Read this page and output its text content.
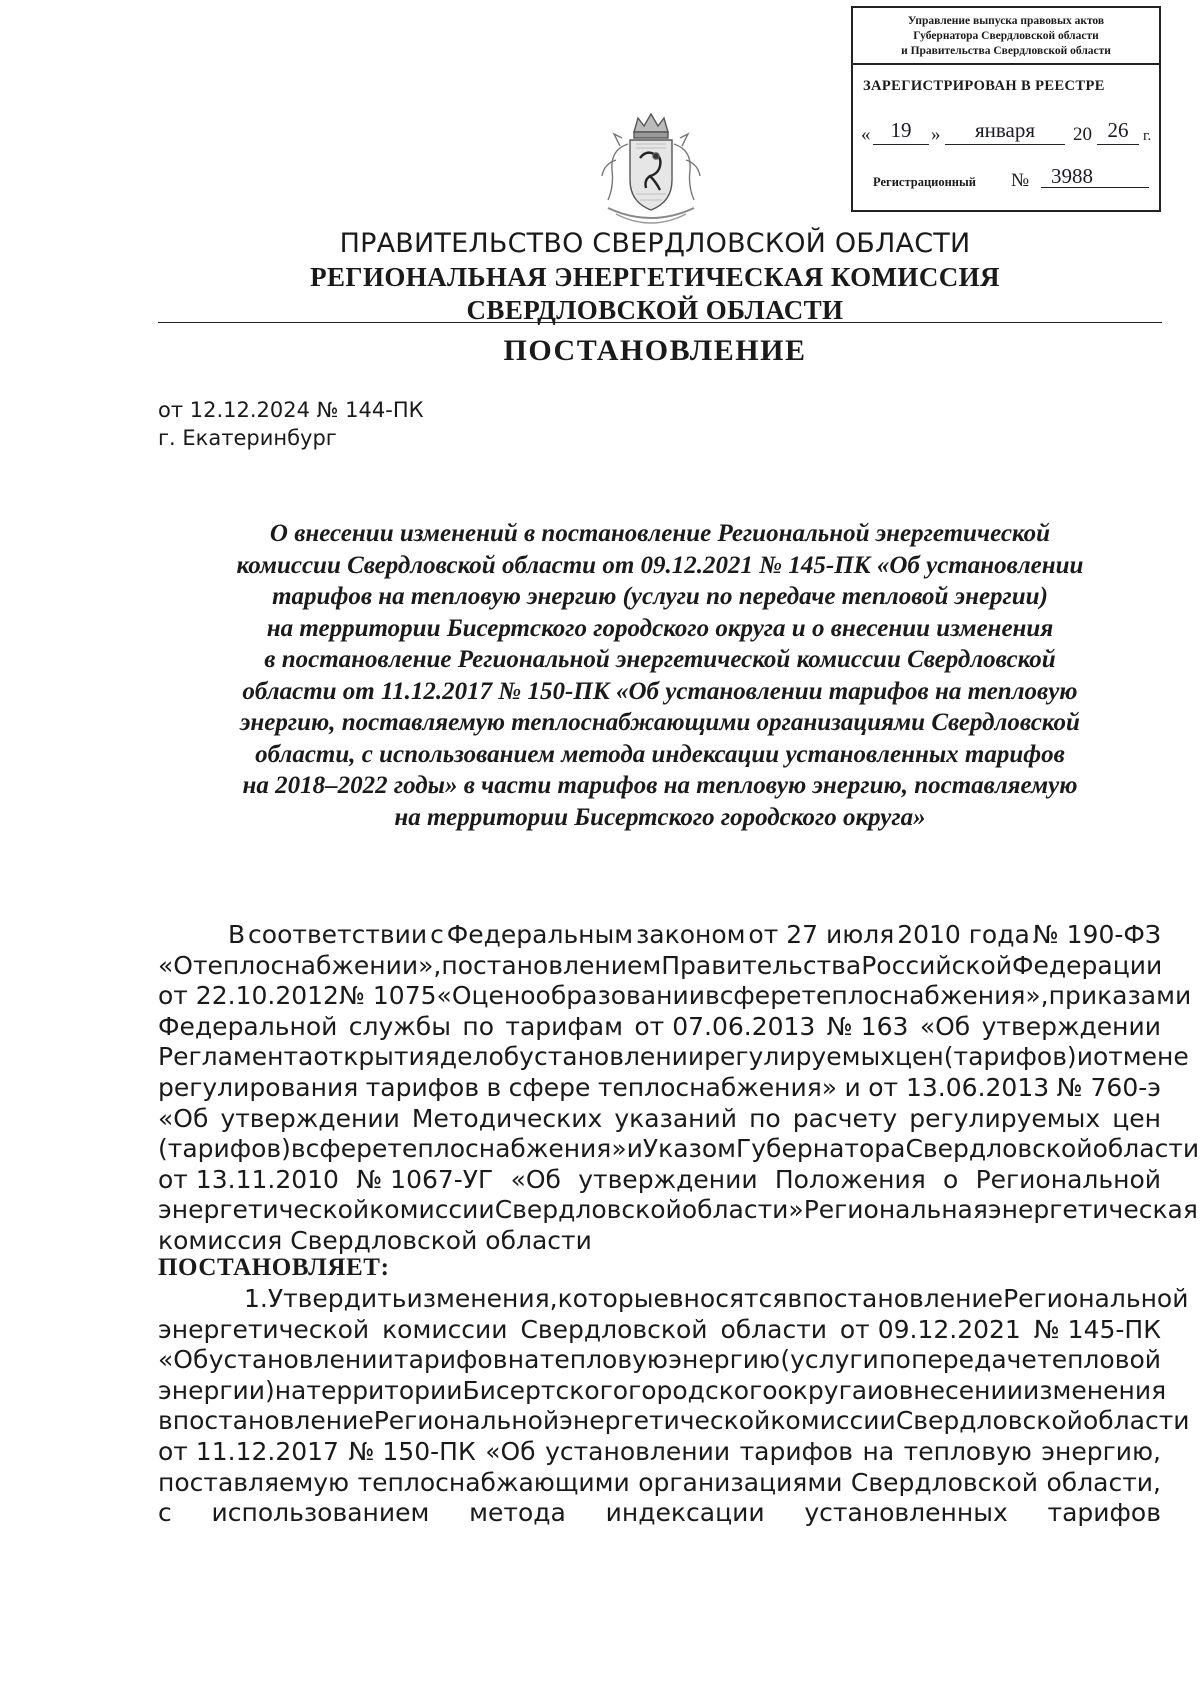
Управление выпуска правовых актов
Губернатора Свердловской области
и Правительства Свердловской области
ЗАРЕГИСТРИРОВАН В РЕЕСТРЕ
« 19	»	января	20 26 г.
Регистрационный №	3988
ПРАВИТЕЛЬСТВО СВЕРДЛОВСКОЙ ОБЛАСТИ
РЕГИОНАЛЬНАЯ ЭНЕРГЕТИЧЕСКАЯ КОМИССИЯ
СВЕРДЛОВСКОЙ ОБЛАСТИ
ПОСТАНОВЛЕНИЕ
от 12.12.2024 № 144-ПК
г. Екатеринбург
О внесении изменений в постановление Региональной энергетической
комиссии Свердловской области от 09.12.2021 № 145-ПК «Об установлении
тарифов на тепловую энергию (услуги по передаче тепловой энергии)
на территории Бисертского городского округа и о внесении изменения
в постановление Региональной энергетической комиссии Свердловской
области от 11.12.2017 № 150-ПК «Об установлении тарифов на тепловую
энергию, поставляемую теплоснабжающими организациями Свердловской
области, с использованием метода индексации установленных тарифов
на 2018–2022 годы» в части тарифов на тепловую энергию, поставляемую
на территории Бисертского городского округа»
В соответствии с Федеральным законом от 27 июля 2010 года № 190-ФЗ
«О теплоснабжении», постановлением Правительства Российской Федерации
от 22.10.2012 № 1075 «О ценообразовании в сфере теплоснабжения», приказами
Федеральной службы по тарифам от 07.06.2013 № 163 «Об утверждении
Регламента открытия дел об установлении регулируемых цен (тарифов) и отмене
регулирования тарифов в сфере теплоснабжения» и от 13.06.2013 № 760-э
«Об утверждении Методических указаний по расчету регулируемых цен
(тарифов) в сфере теплоснабжения» и Указом Губернатора Свердловской области
от 13.11.2010 № 1067-УГ «Об утверждении Положения о Региональной
энергетической комиссии Свердловской области» Региональная энергетическая
комиссия Свердловской области
ПОСТАНОВЛЯЕТ:
1. Утвердить изменения, которые вносятся в постановление Региональной
энергетической комиссии Свердловской области от 09.12.2021 № 145-ПК
«Об установлении тарифов на тепловую энергию (услуги по передаче тепловой
энергии) на территории Бисертского городского округа и о внесении изменения
в постановление Региональной энергетической комиссии Свердловской области
от 11.12.2017 № 150-ПК «Об установлении тарифов на тепловую энергию,
поставляемую теплоснабжающими организациями Свердловской области,
с использованием метода индексации установленных тарифов
